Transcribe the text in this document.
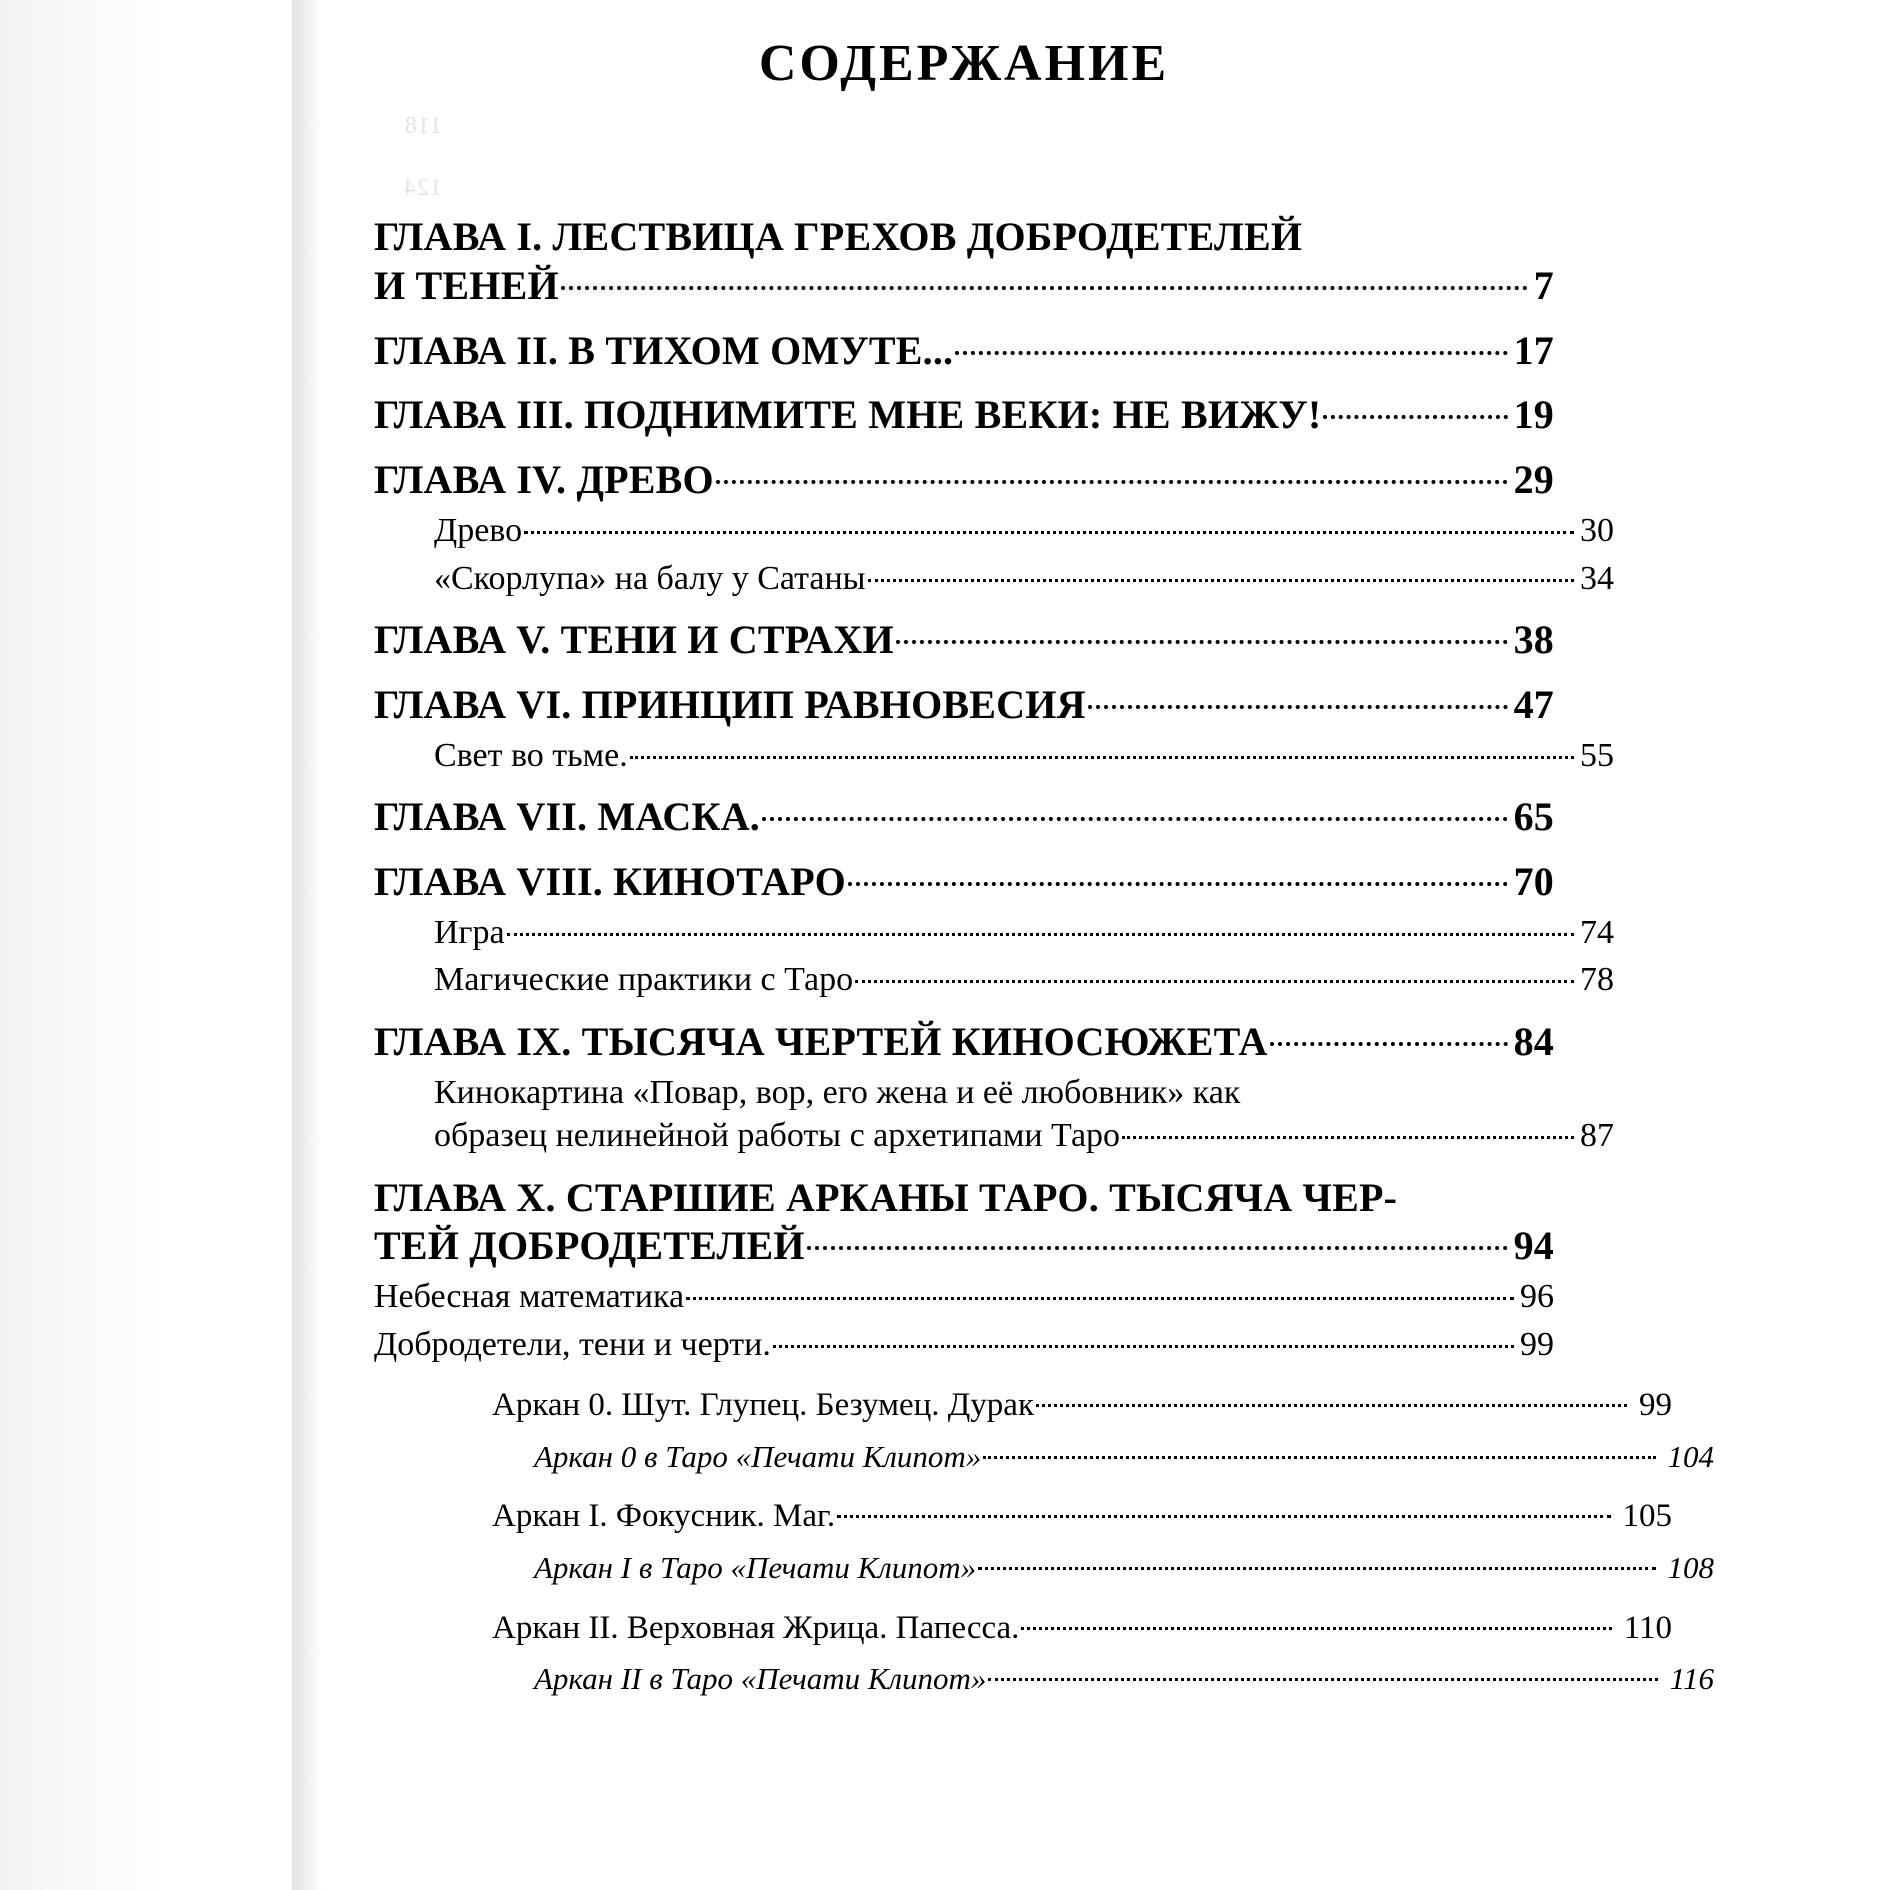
118 124
СОДЕРЖАНИЕ
ГЛАВА I. ЛЕСТВИЦА ГРЕХОВ ДОБРОДЕТЕЛЕЙ
И ТЕНЕЙ	7
ГЛАВА II. В ТИХОМ ОМУТЕ...	17
ГЛАВА III. ПОДНИМИТЕ МНЕ ВЕКИ: НЕ ВИЖУ!	19
ГЛАВА IV. ДРЕВО	29
Древо	30
«Скорлупа» на балу у Сатаны	34
ГЛАВА V. ТЕНИ И СТРАХИ	38
ГЛАВА VI. ПРИНЦИП РАВНОВЕСИЯ	47
Свет во тьме.	55
ГЛАВА VII. МАСКА.	65
ГЛАВА VIII. КИНОТАРО	70
Игра	74
Магические практики с Таро	78
ГЛАВА IX. ТЫСЯЧА ЧЕРТЕЙ КИНОСЮЖЕТА	84
Кинокартина «Повар, вор, его жена и её любовник» как
образец нелинейной работы с архетипами Таро	87
ГЛАВА X. СТАРШИЕ АРКАНЫ ТАРО. ТЫСЯЧА ЧЕР-
ТЕЙ ДОБРОДЕТЕЛЕЙ	94
Небесная математика	96
Добродетели, тени и черти.	99
Аркан 0. Шут. Глупец. Безумец. Дурак	99
Аркан 0 в Таро «Печати Клипот»	104
Аркан I. Фокусник. Маг.	105
Аркан I в Таро «Печати Клипот»	108
Аркан II. Верховная Жрица. Папесса.	110
Аркан II в Таро «Печати Клипот»	116
